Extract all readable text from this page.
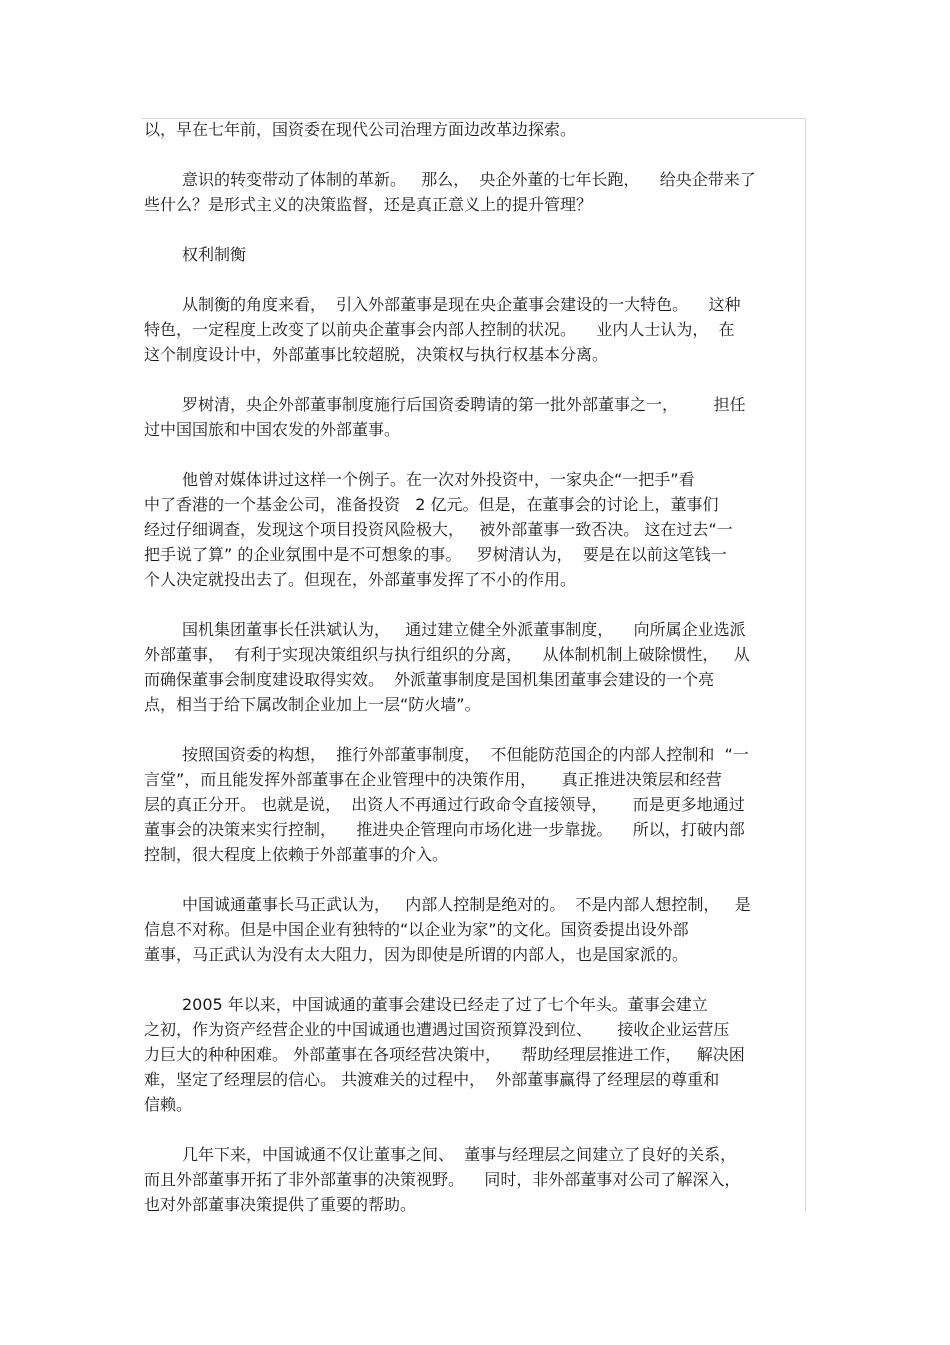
以，早在七年前，国资委在现代公司治理方面边改革边探索。
意识的转变带动了体制的革新。   那么，  央企外董的七年长跑，    给央企带来了
些什么？是形式主义的决策监督，还是真正意义上的提升管理？
权利制衡
从制衡的角度来看，  引入外部董事是现在央企董事会建设的一大特色。    这种
特色，一定程度上改变了以前央企董事会内部人控制的状况。    业内人士认为，  在
这个制度设计中，外部董事比较超脱，决策权与执行权基本分离。
罗树清，央企外部董事制度施行后国资委聘请的第一批外部董事之一，       担任
过中国国旅和中国农发的外部董事。
他曾对媒体讲过这样一个例子。在一次对外投资中，一家央企“一把手”看
中了香港的一个基金公司，准备投资   2 亿元。但是，在董事会的讨论上，董事们
经过仔细调查，发现这个项目投资风险极大，   被外部董事一致否决。 这在过去“一
把手说了算” 的企业氛围中是不可想象的事。   罗树清认为，  要是在以前这笔钱一
个人决定就投出去了。但现在，外部董事发挥了不小的作用。
国机集团董事长任洪斌认为，   通过建立健全外派董事制度，    向所属企业选派
外部董事，  有利于实现决策组织与执行组织的分离，    从体制机制上破除惯性，   从
而确保董事会制度建设取得实效。  外派董事制度是国机集团董事会建设的一个亮
点，相当于给下属改制企业加上一层“防火墙”。
按照国资委的构想，  推行外部董事制度，  不但能防范国企的内部人控制和  “一
言堂”，而且能发挥外部董事在企业管理中的决策作用，     真正推进决策层和经营
层的真正分开。 也就是说，  出资人不再通过行政命令直接领导，     而是更多地通过
董事会的决策来实行控制，    推进央企管理向市场化进一步靠拢。    所以，打破内部
控制，很大程度上依赖于外部董事的介入。
中国诚通董事长马正武认为，   内部人控制是绝对的。  不是内部人想控制，   是
信息不对称。但是中国企业有独特的“以企业为家”的文化。国资委提出设外部
董事，马正武认为没有太大阻力，因为即使是所谓的内部人，也是国家派的。
2005 年以来，中国诚通的董事会建设已经走了过了七个年头。董事会建立
之初，作为资产经营企业的中国诚通也遭遇过国资预算没到位、     接收企业运营压
力巨大的种种困难。 外部董事在各项经营决策中，    帮助经理层推进工作，   解决困
难，坚定了经理层的信心。 共渡难关的过程中，  外部董事赢得了经理层的尊重和
信赖。
几年下来，中国诚通不仅让董事之间、  董事与经理层之间建立了良好的关系，
而且外部董事开拓了非外部董事的决策视野。    同时，非外部董事对公司了解深入，
也对外部董事决策提供了重要的帮助。
